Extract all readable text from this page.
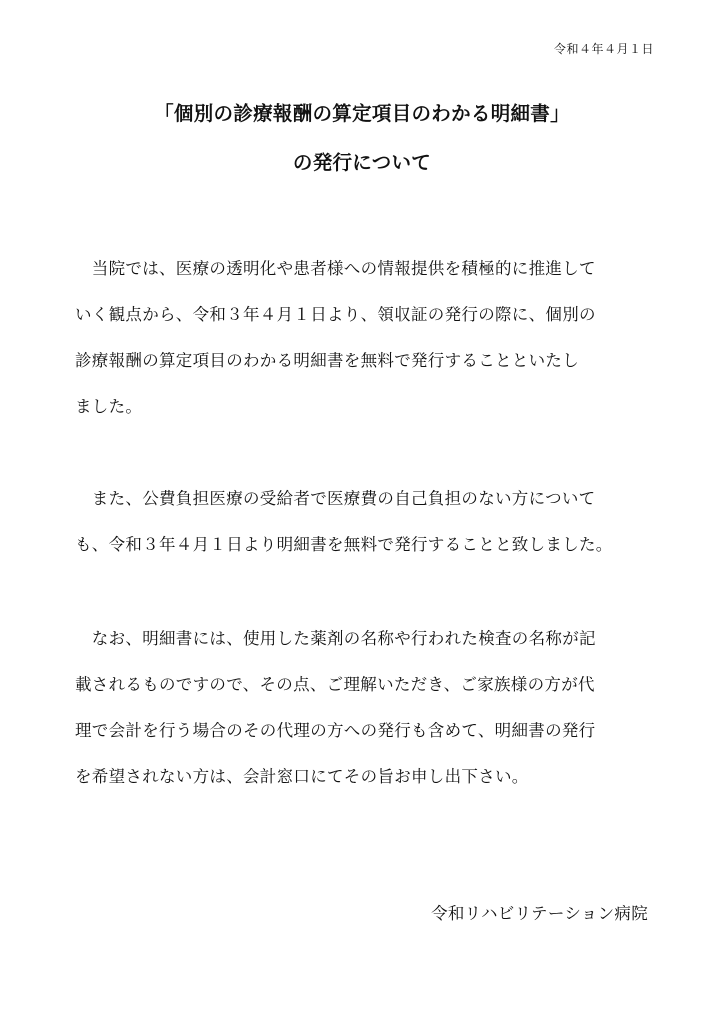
令和４年４月１日
「個別の診療報酬の算定項目のわかる明細書」
の発行について
　当院では、医療の透明化や患者様への情報提供を積極的に推進して
いく観点から、令和３年４月１日より、領収証の発行の際に、個別の
診療報酬の算定項目のわかる明細書を無料で発行することといたし
ました。
　また、公費負担医療の受給者で医療費の自己負担のない方について
も、令和３年４月１日より明細書を無料で発行することと致しました。
　なお、明細書には、使用した薬剤の名称や行われた検査の名称が記
載されるものですので、その点、ご理解いただき、ご家族様の方が代
理で会計を行う場合のその代理の方への発行も含めて、明細書の発行
を希望されない方は、会計窓口にてその旨お申し出下さい。
令和リハビリテーション病院
